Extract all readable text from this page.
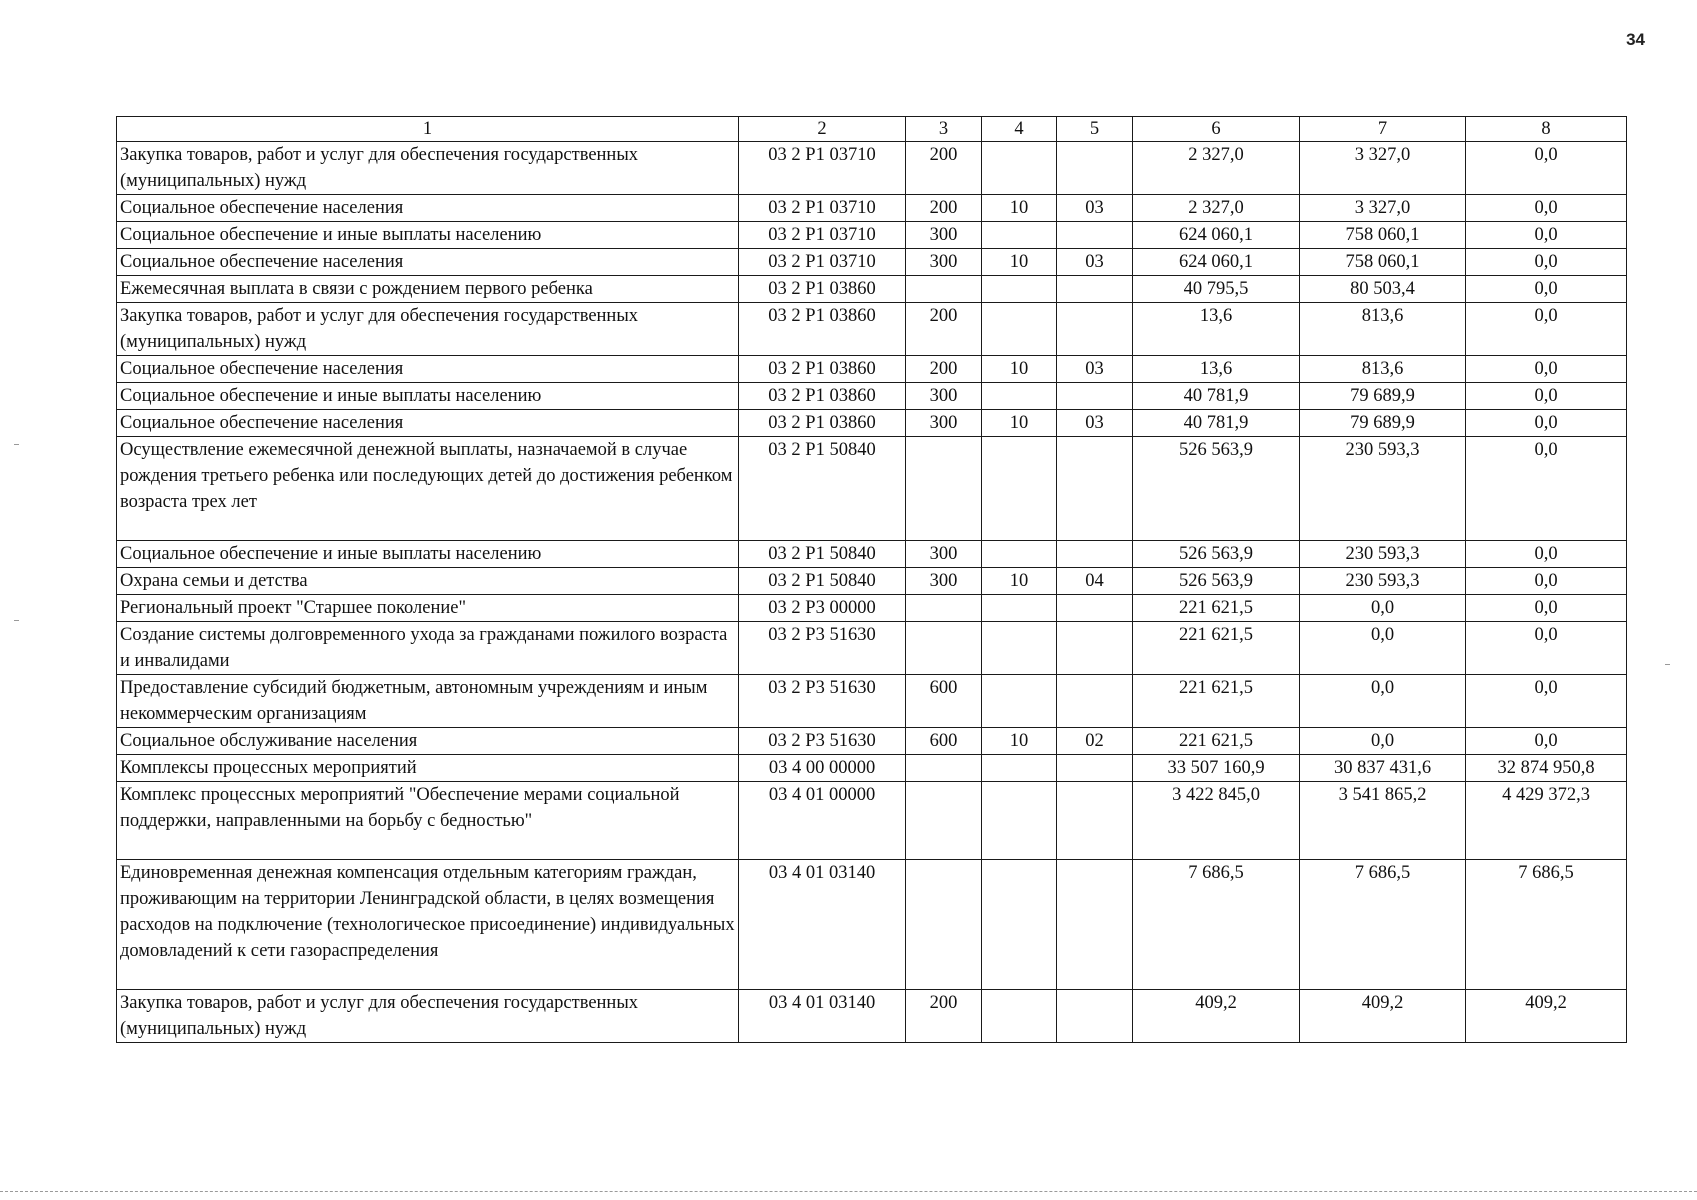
34
1	2	3	4	5	6	7	8
Закупка товаров, работ и услуг для обеспечения государственных (муниципальных) нужд	03 2 P1 03710	200			2 327,0	3 327,0	0,0
Социальное обеспечение населения	03 2 P1 03710	200	10	03	2 327,0	3 327,0	0,0
Социальное обеспечение и иные выплаты населению	03 2 P1 03710	300			624 060,1	758 060,1	0,0
Социальное обеспечение населения	03 2 P1 03710	300	10	03	624 060,1	758 060,1	0,0
Ежемесячная выплата в связи с рождением первого ребенка	03 2 P1 03860				40 795,5	80 503,4	0,0
Закупка товаров, работ и услуг для обеспечения государственных (муниципальных) нужд	03 2 P1 03860	200			13,6	813,6	0,0
Социальное обеспечение населения	03 2 P1 03860	200	10	03	13,6	813,6	0,0
Социальное обеспечение и иные выплаты населению	03 2 P1 03860	300			40 781,9	79 689,9	0,0
Социальное обеспечение населения	03 2 P1 03860	300	10	03	40 781,9	79 689,9	0,0
Осуществление ежемесячной денежной выплаты, назначаемой в случае рождения третьего ребенка или последующих детей до достижения ребенком возраста трех лет	03 2 P1 50840				526 563,9	230 593,3	0,0
Социальное обеспечение и иные выплаты населению	03 2 P1 50840	300			526 563,9	230 593,3	0,0
Охрана семьи и детства	03 2 P1 50840	300	10	04	526 563,9	230 593,3	0,0
Региональный проект "Старшее поколение"	03 2 P3 00000				221 621,5	0,0	0,0
Создание системы долговременного ухода за гражданами пожилого возраста и инвалидами	03 2 P3 51630				221 621,5	0,0	0,0
Предоставление субсидий бюджетным, автономным учреждениям и иным некоммерческим организациям	03 2 P3 51630	600			221 621,5	0,0	0,0
Социальное обслуживание населения	03 2 P3 51630	600	10	02	221 621,5	0,0	0,0
Комплексы процессных мероприятий	03 4 00 00000				33 507 160,9	30 837 431,6	32 874 950,8
Комплекс процессных мероприятий "Обеспечение мерами социальной поддержки, направленными на борьбу с бедностью"	03 4 01 00000				3 422 845,0	3 541 865,2	4 429 372,3
Единовременная денежная компенсация отдельным категориям граждан, проживающим на территории Ленинградской области, в целях возмещения расходов на подключение (технологическое присоединение) индивидуальных домовладений к сети газораспределения	03 4 01 03140				7 686,5	7 686,5	7 686,5
Закупка товаров, работ и услуг для обеспечения государственных (муниципальных) нужд	03 4 01 03140	200			409,2	409,2	409,2
